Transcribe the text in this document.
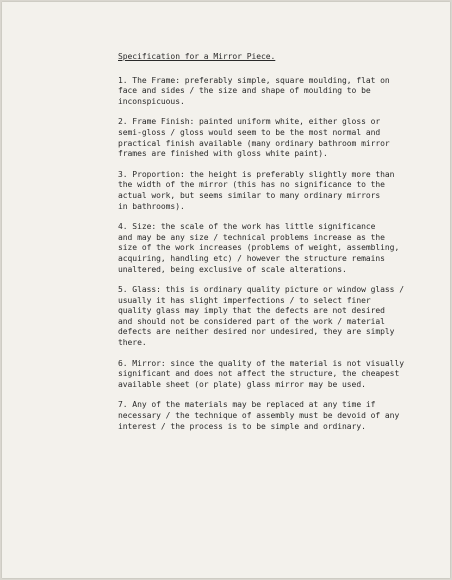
Specification for a Mirror Piece.
1. The Frame: preferably simple, square moulding, flat on
face and sides / the size and shape of moulding to be
inconspicuous.
2. Frame Finish: painted uniform white, either gloss or
semi-gloss / gloss would seem to be the most normal and
practical finish available (many ordinary bathroom mirror
frames are finished with gloss white paint).
3. Proportion: the height is preferably slightly more than
the width of the mirror (this has no significance to the
actual work, but seems similar to many ordinary mirrors
in bathrooms).
4. Size: the scale of the work has little significance
and may be any size / technical problems increase as the
size of the work increases (problems of weight, assembling,
acquiring, handling etc) / however the structure remains
unaltered, being exclusive of scale alterations.
5. Glass: this is ordinary quality picture or window glass /
usually it has slight imperfections / to select finer
quality glass may imply that the defects are not desired
and should not be considered part of the work / material
defects are neither desired nor undesired, they are simply
there.
6. Mirror: since the quality of the material is not visually
significant and does not affect the structure, the cheapest
available sheet (or plate) glass mirror may be used.
7. Any of the materials may be replaced at any time if
necessary / the technique of assembly must be devoid of any
interest / the process is to be simple and ordinary.
